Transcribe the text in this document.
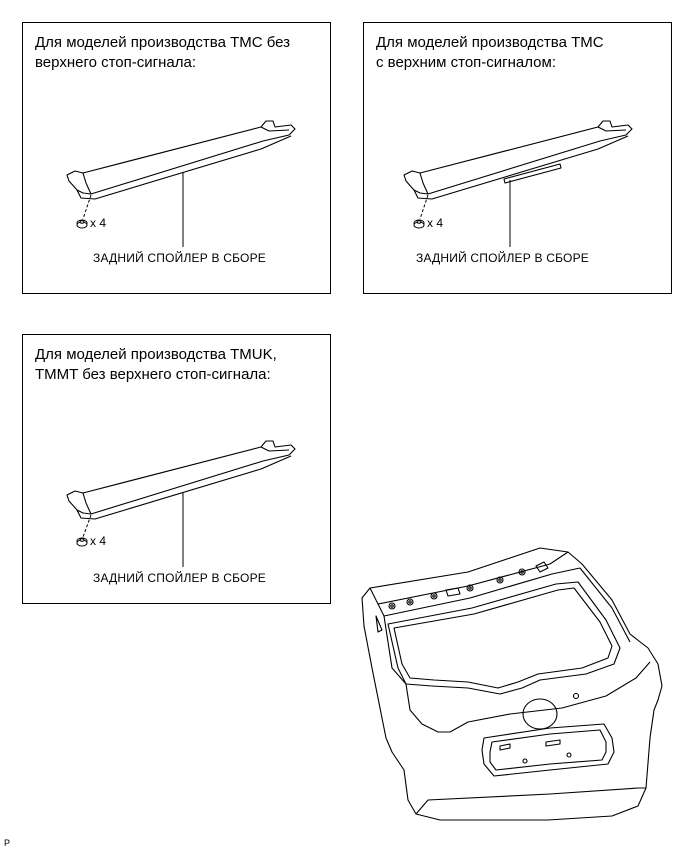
Для моделей производства TMC без
верхнего стоп-сигнала:
x 4
ЗАДНИЙ СПОЙЛЕР В СБОРЕ
Для моделей производства TMC
с верхним стоп-сигналом:
x 4
ЗАДНИЙ СПОЙЛЕР В СБОРЕ
Для моделей производства TMUK,
TMMT без верхнего стоп-сигнала:
x 4
ЗАДНИЙ СПОЙЛЕР В СБОРЕ
P
